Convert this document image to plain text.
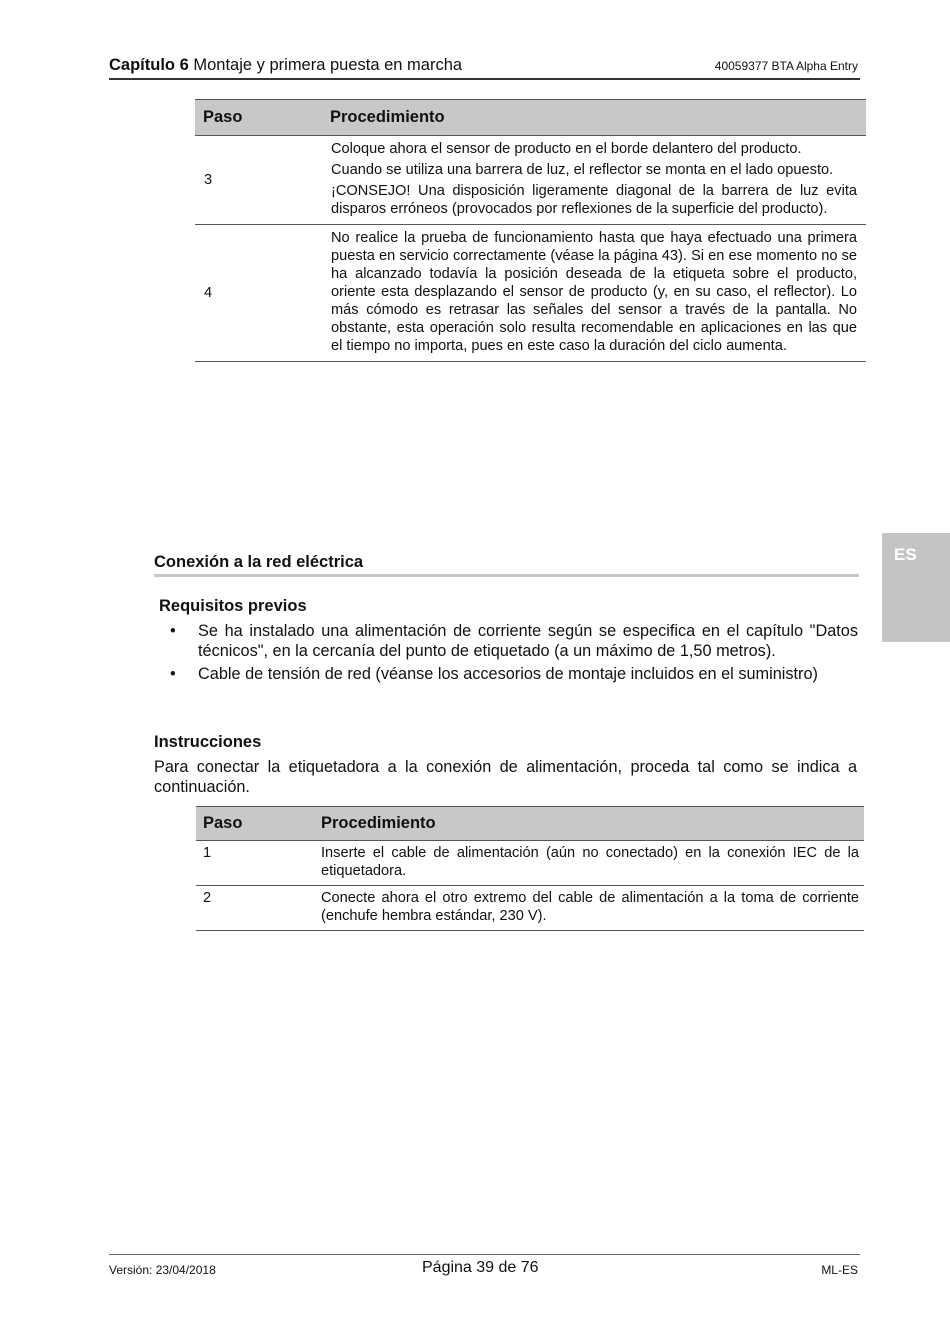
Capítulo 6 Montaje y primera puesta en marcha	40059377 BTA Alpha Entry
Paso	Procedimiento
3	Coloque ahora el sensor de producto en el borde delantero del producto.

Cuando se utiliza una barrera de luz, el reflector se monta en el lado opuesto.

¡CONSEJO! Una disposición ligeramente diagonal de la barrera de luz evita disparos erróneos (provocados por reflexiones de la superficie del producto).

4	No realice la prueba de funcionamiento hasta que haya efectuado una primera puesta en servicio correctamente (véase la página 43). Si en ese momento no se ha alcanzado todavía la posición deseada de la etiqueta sobre el producto, oriente esta desplazando el sensor de producto (y, en su caso, el reflector). Lo más cómodo es retrasar las señales del sensor a través de la pantalla. No obstante, esta operación solo resulta recomendable en aplicaciones en las que el tiempo no importa, pues en este caso la duración del ciclo aumenta.

ES
Conexión a la red eléctrica
Requisitos previos
• Se ha instalado una alimentación de corriente según se especifica en el capítulo "Datos técnicos", en la cercanía del punto de etiquetado (a un máximo de 1,50 metros).
• Cable de tensión de red (véanse los accesorios de montaje incluidos en el suministro)
Instrucciones
Para conectar la etiquetadora a la conexión de alimentación, proceda tal como se indica a continuación.
Paso	Procedimiento
1	Inserte el cable de alimentación (aún no conectado) en la conexión IEC de la etiquetadora.
2	Conecte ahora el otro extremo del cable de alimentación a la toma de corriente (enchufe hembra estándar, 230 V).
Versión: 23/04/2018	Página 39 de 76	ML-ES
